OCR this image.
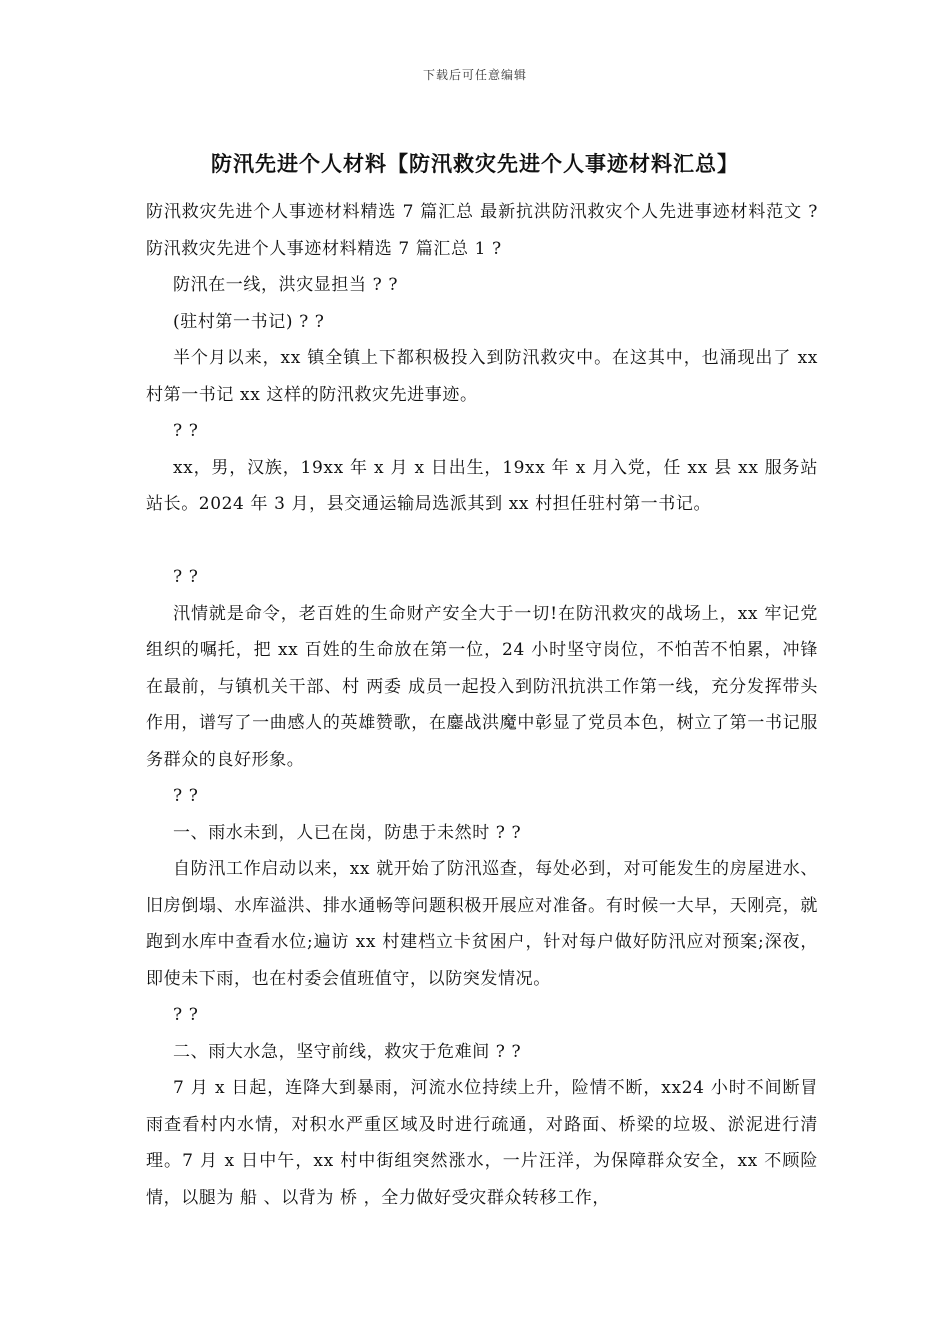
下载后可任意编辑
防汛先进个人材料【防汛救灾先进个人事迹材料汇总】

防汛救灾先进个人事迹材料精选 7 篇汇总 最新抗洪防汛救灾个人先进事迹材料范文 ?防汛救灾先进个人事迹材料精选 7 篇汇总 1 ?

防汛在一线，洪灾显担当 ? ?

(驻村第一书记) ? ?

半个月以来，xx 镇全镇上下都积极投入到防汛救灾中。在这其中，也涌现出了 xx 村第一书记 xx 这样的防汛救灾先进事迹。

? ?

xx，男，汉族，19xx 年 x 月 x 日出生，19xx 年 x 月入党，任 xx 县 xx 服务站站长。2024 年 3 月，县交通运输局选派其到 xx 村担任驻村第一书记。

? ?

汛情就是命令，老百姓的生命财产安全大于一切!在防汛救灾的战场上，xx 牢记党组织的嘱托，把 xx 百姓的生命放在第一位，24 小时坚守岗位，不怕苦不怕累，冲锋在最前，与镇机关干部、村 两委 成员一起投入到防汛抗洪工作第一线，充分发挥带头作用，谱写了一曲感人的英雄赞歌，在鏖战洪魔中彰显了党员本色，树立了第一书记服务群众的良好形象。

? ?

一、雨水未到，人已在岗，防患于未然时 ? ?

自防汛工作启动以来，xx 就开始了防汛巡查，每处必到，对可能发生的房屋进水、旧房倒塌、水库溢洪、排水通畅等问题积极开展应对准备。有时候一大早，天刚亮，就跑到水库中查看水位;遍访 xx 村建档立卡贫困户，针对每户做好防汛应对预案;深夜，即使未下雨，也在村委会值班值守，以防突发情况。

? ?

二、雨大水急，坚守前线，救灾于危难间 ? ?

7 月 x 日起，连降大到暴雨，河流水位持续上升，险情不断，xx24 小时不间断冒雨查看村内水情，对积水严重区域及时进行疏通，对路面、桥梁的垃圾、淤泥进行清理。7 月 x 日中午，xx 村中街组突然涨水，一片汪洋，为保障群众安全，xx 不顾险情，以腿为 船 、以背为 桥 ，全力做好受灾群众转移工作，
